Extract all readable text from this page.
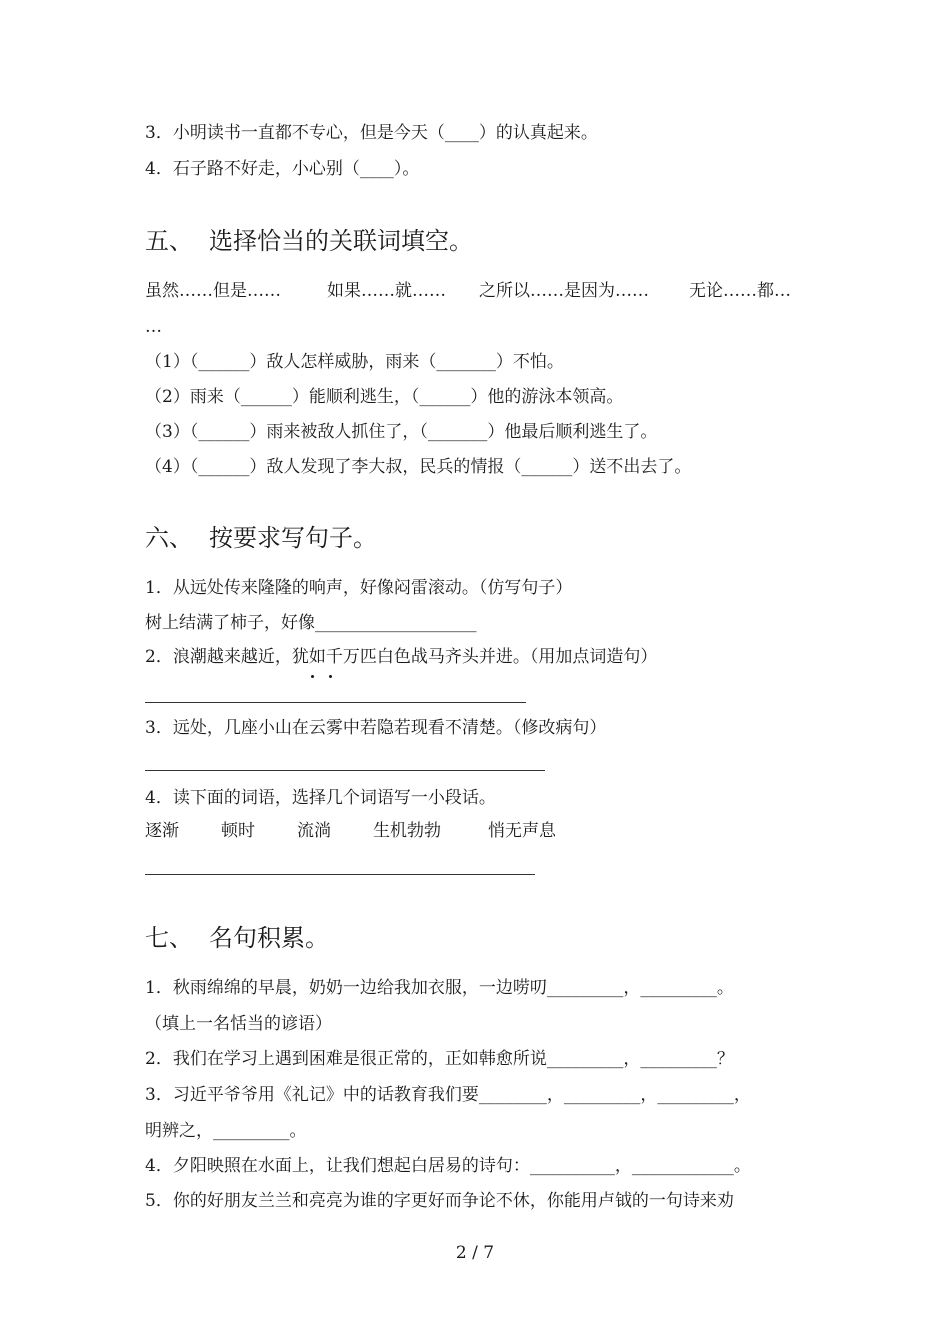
3．小明读书一直都不专心，但是今天（____）的认真起来。
4．石子路不好走，小心别（____）。
五、 选择恰当的关联词填空。
虽然……但是……	如果……就…… 之所以……是因为…… 无论……都…
…
（1）（______）敌人怎样威胁，雨来（_______）不怕。
（2）雨来（______）能顺利逃生，（______）他的游泳本领高。
（3）（______）雨来被敌人抓住了，（_______）他最后顺利逃生了。
（4）（______）敌人发现了李大叔，民兵的情报（______）送不出去了。
六、 按要求写句子。
1．从远处传来隆隆的响声，好像闷雷滚动。（仿写句子）
树上结满了柿子，好像___________________
2．浪潮越来越近，犹如千万匹白色战马齐头并进。（用加点词造句）
3．远处，几座小山在云雾中若隐若现看不清楚。（修改病句）
4．读下面的词语，选择几个词语写一小段话。
逐渐 顿时 流淌 生机勃勃	悄无声息
七、 名句积累。
1．秋雨绵绵的早晨，奶奶一边给我加衣服，一边唠叨_________，_________。
（填上一名恬当的谚语）
2．我们在学习上遇到困难是很正常的，正如韩愈所说_________，_________？
3．习近平爷爷用《礼记》中的话教育我们要________，_________，_________，
明辨之，_________。
4．夕阳映照在水面上，让我们想起白居易的诗句：__________，____________。
5．你的好朋友兰兰和亮亮为谁的字更好而争论不休，你能用卢钺的一句诗来劝
2 / 7
